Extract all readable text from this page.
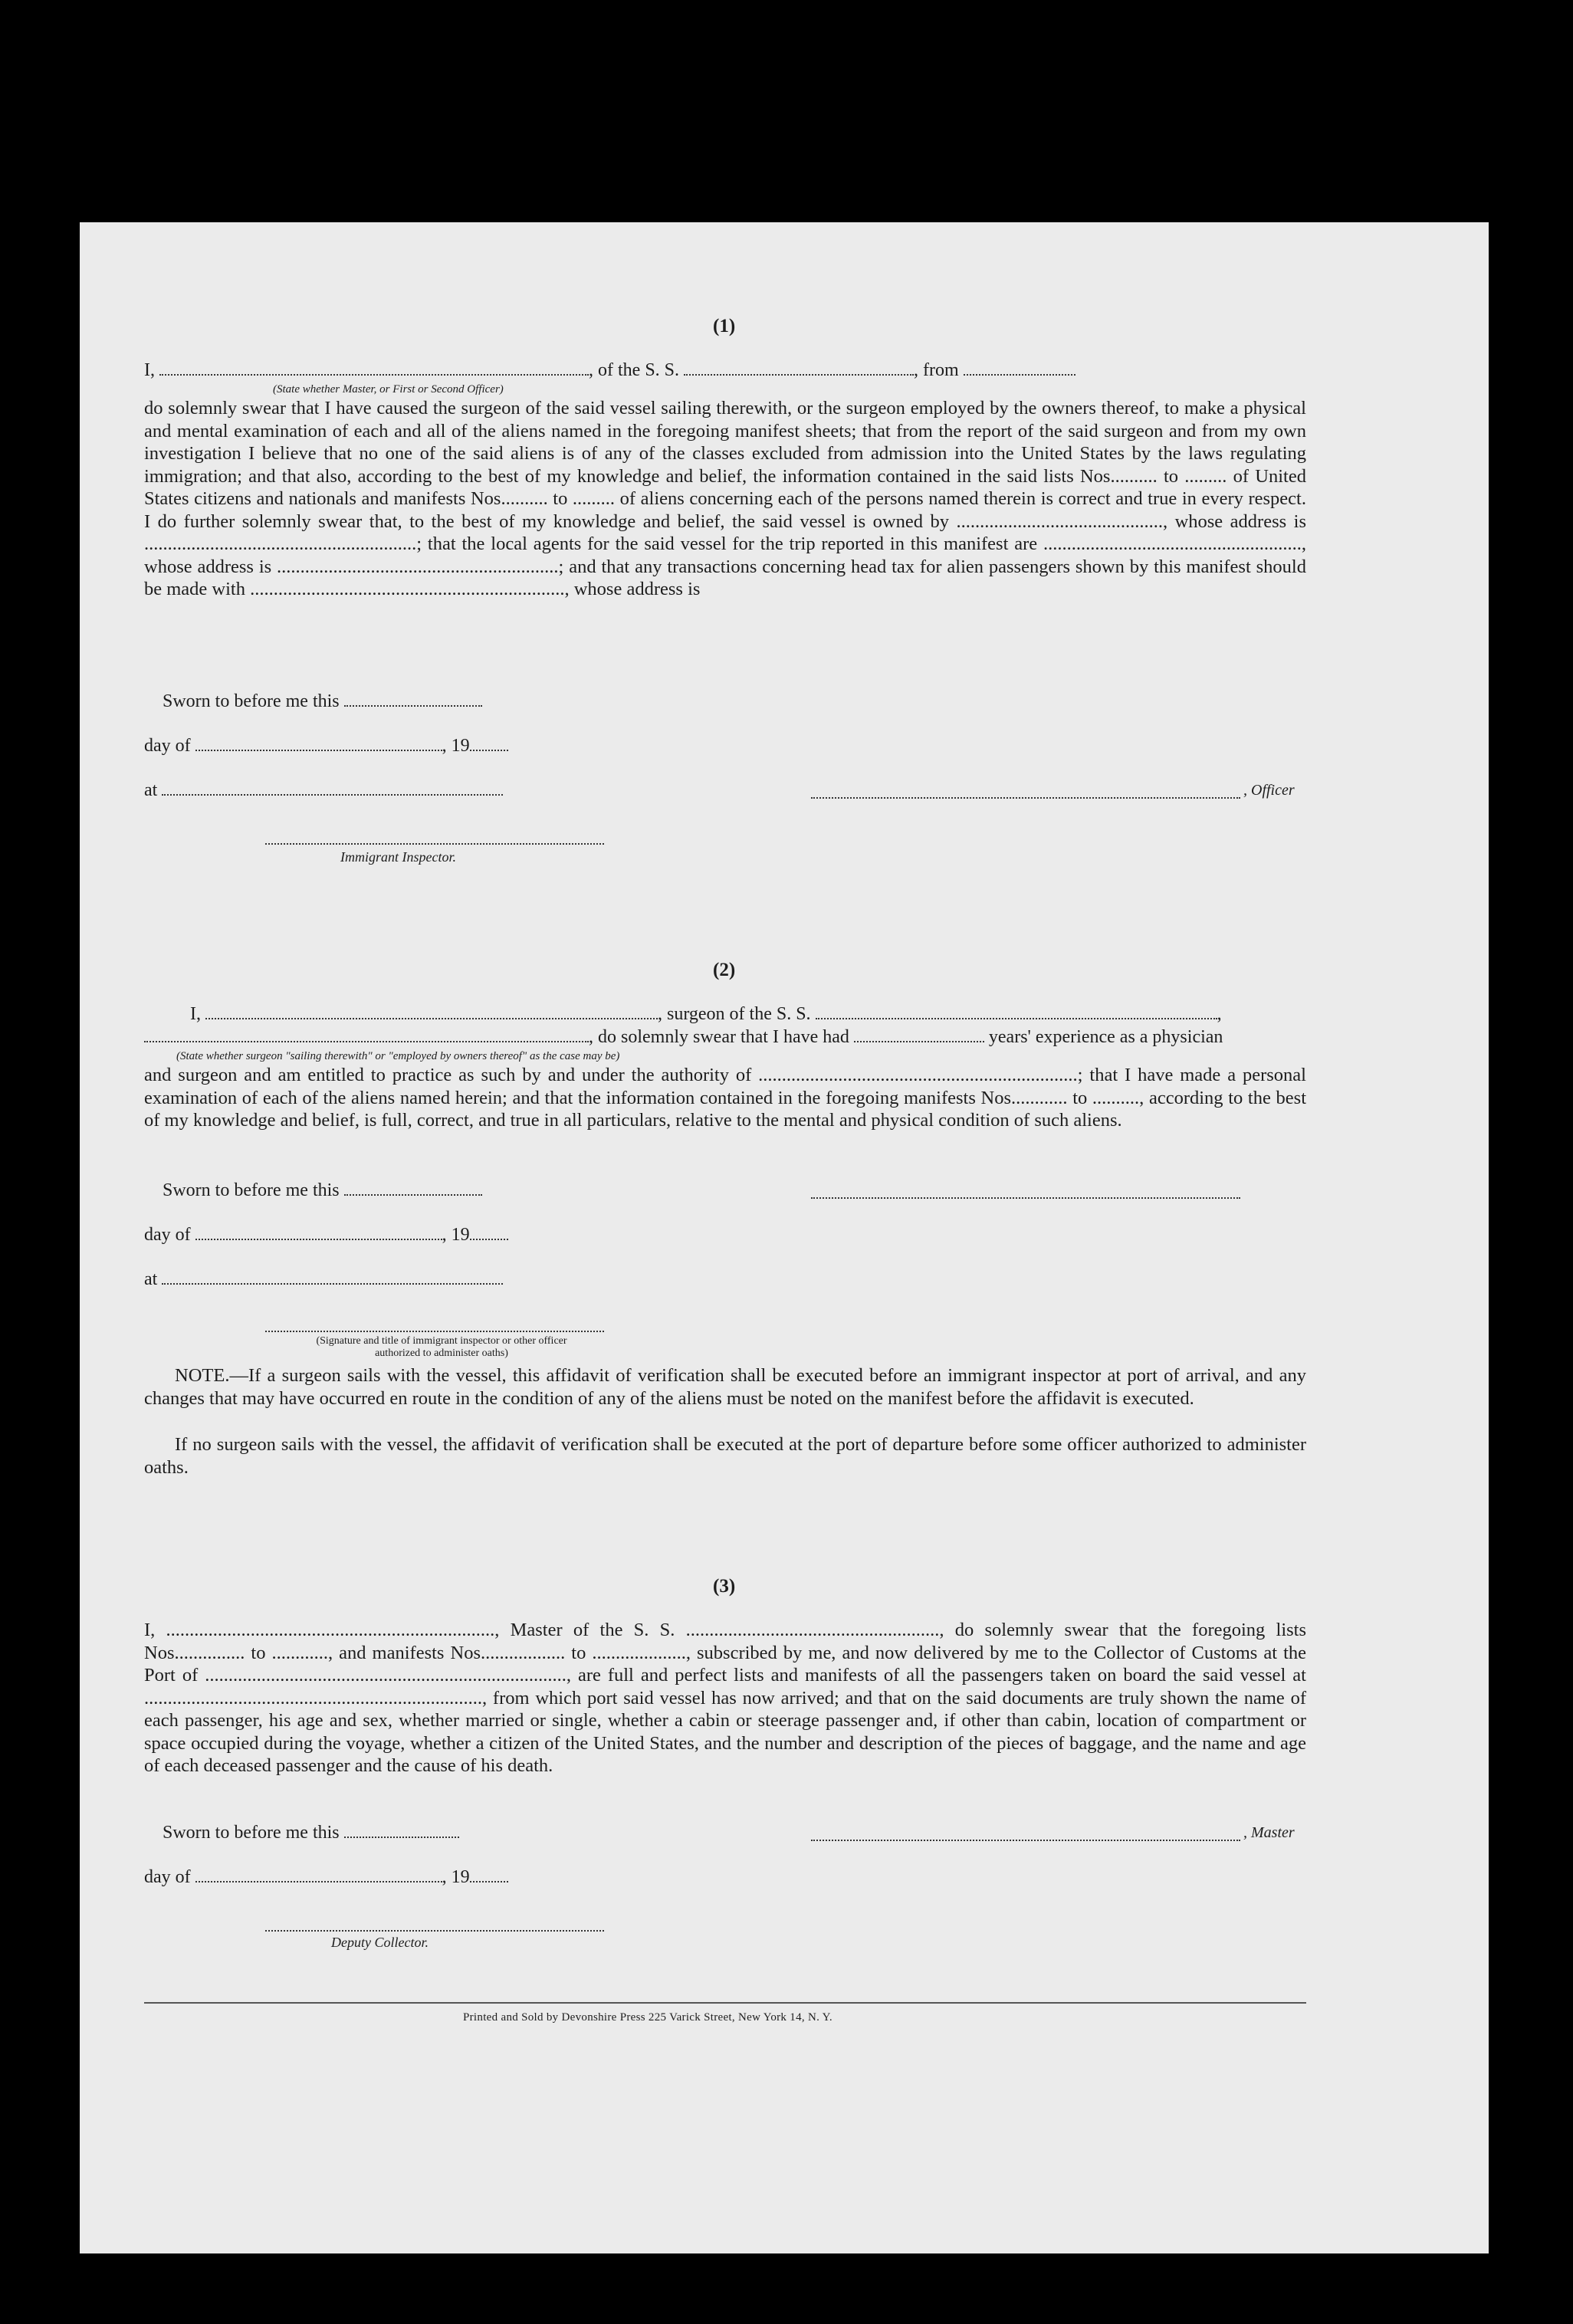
(1)
I,	, of the S. S.	, from
(State whether Master, or First or Second Officer)
do solemnly swear that I have caused the surgeon of the said vessel sailing therewith, or the surgeon employed by the owners thereof, to make a physical and mental examination of each and all of the aliens named in the foregoing manifest sheets; that from the report of the said surgeon and from my own investigation I believe that no one of the said aliens is of any of the classes excluded from admission into the United States by the laws regulating immigration; and that also, according to the best of my knowledge and belief, the information contained in the said lists Nos.......... to ......... of United States citizens and nationals and manifests Nos.......... to ......... of aliens concerning each of the persons named therein is correct and true in every respect. I do further solemnly swear that, to the best of my knowledge and belief, the said vessel is owned by ............................................, whose address is ..........................................................; that the local agents for the said vessel for the trip reported in this manifest are ......................................................., whose address is ............................................................; and that any transactions concerning head tax for alien passengers shown by this manifest should be made with ..................................................................., whose address is
Sworn to before me this
day of	, 19
at	, Officer
Immigrant Inspector.
(2)
I,	, surgeon of the S. S.	,
, do solemnly swear that I have had	years' experience as a physician
(State whether surgeon "sailing therewith" or "employed by owners thereof" as the case may be)
and surgeon and am entitled to practice as such by and under the authority of ....................................................................; that I have made a personal examination of each of the aliens named herein; and that the information contained in the foregoing manifests Nos............ to .........., according to the best of my knowledge and belief, is full, correct, and true in all particulars, relative to the mental and physical condition of such aliens.
Sworn to before me this
day of	, 19
at
(Signature and title of immigrant inspector or other officer authorized to administer oaths)
NOTE.—If a surgeon sails with the vessel, this affidavit of verification shall be executed before an immigrant inspector at port of arrival, and any changes that may have occurred en route in the condition of any of the aliens must be noted on the manifest before the affidavit is executed.
If no surgeon sails with the vessel, the affidavit of verification shall be executed at the port of departure before some officer authorized to administer oaths.
(3)
I, ......................................................................, Master of the S. S. ......................................................, do solemnly swear that the foregoing lists Nos............... to ............, and manifests Nos.................. to ...................., subscribed by me, and now delivered by me to the Collector of Customs at the Port of ............................................................................., are full and perfect lists and manifests of all the passengers taken on board the said vessel at ........................................................................, from which port said vessel has now arrived; and that on the said documents are truly shown the name of each passenger, his age and sex, whether married or single, whether a cabin or steerage passenger and, if other than cabin, location of compartment or space occupied during the voyage, whether a citizen of the United States, and the number and description of the pieces of baggage, and the name and age of each deceased passenger and the cause of his death.
Sworn to before me this	, Master
day of	, 19
Deputy Collector.
Printed and Sold by Devonshire Press 225 Varick Street, New York 14, N. Y.
